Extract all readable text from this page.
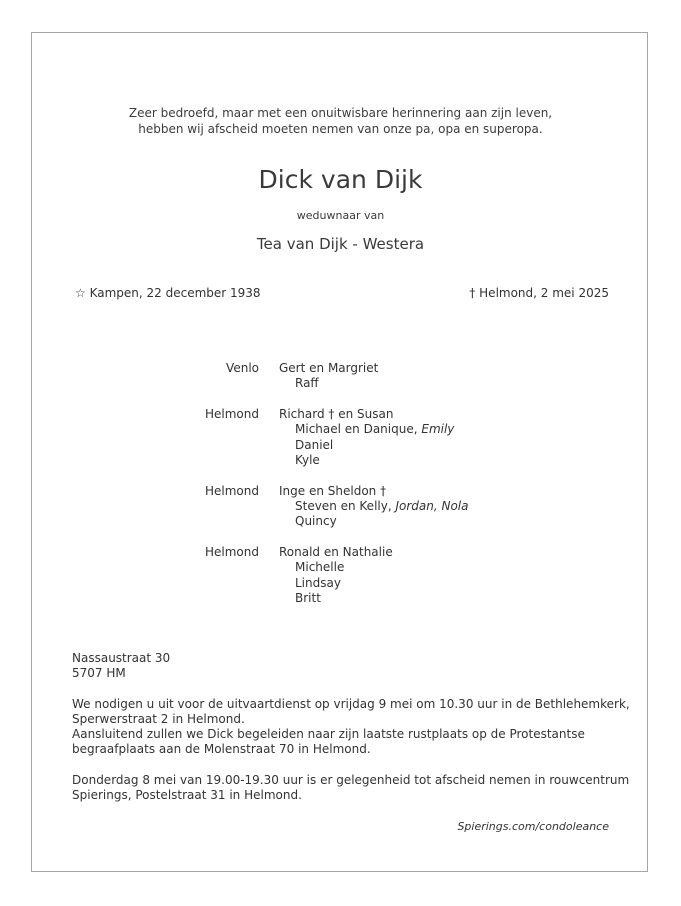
Zeer bedroefd, maar met een onuitwisbare herinnering aan zijn leven,
hebben wij afscheid moeten nemen van onze pa, opa en superopa.
Dick van Dijk
weduwnaar van
Tea van Dijk - Westera
☆ Kampen, 22 december 1938	† Helmond, 2 mei 2025
Venlo	Gert en Margriet
Raff
Helmond	Richard † en Susan
Michael en Danique, Emily
Daniel
Kyle
Helmond	Inge en Sheldon †
Steven en Kelly, Jordan, Nola
Quincy
Helmond	Ronald en Nathalie
Michelle
Lindsay
Britt
Nassaustraat 30
5707 HM
We nodigen u uit voor de uitvaartdienst op vrijdag 9 mei om 10.30 uur in de Bethlehemkerk,
Sperwerstraat 2 in Helmond.
Aansluitend zullen we Dick begeleiden naar zijn laatste rustplaats op de Protestantse
begraafplaats aan de Molenstraat 70 in Helmond.
Donderdag 8 mei van 19.00-19.30 uur is er gelegenheid tot afscheid nemen in rouwcentrum
Spierings, Postelstraat 31 in Helmond.
Spierings.com/condoleance
